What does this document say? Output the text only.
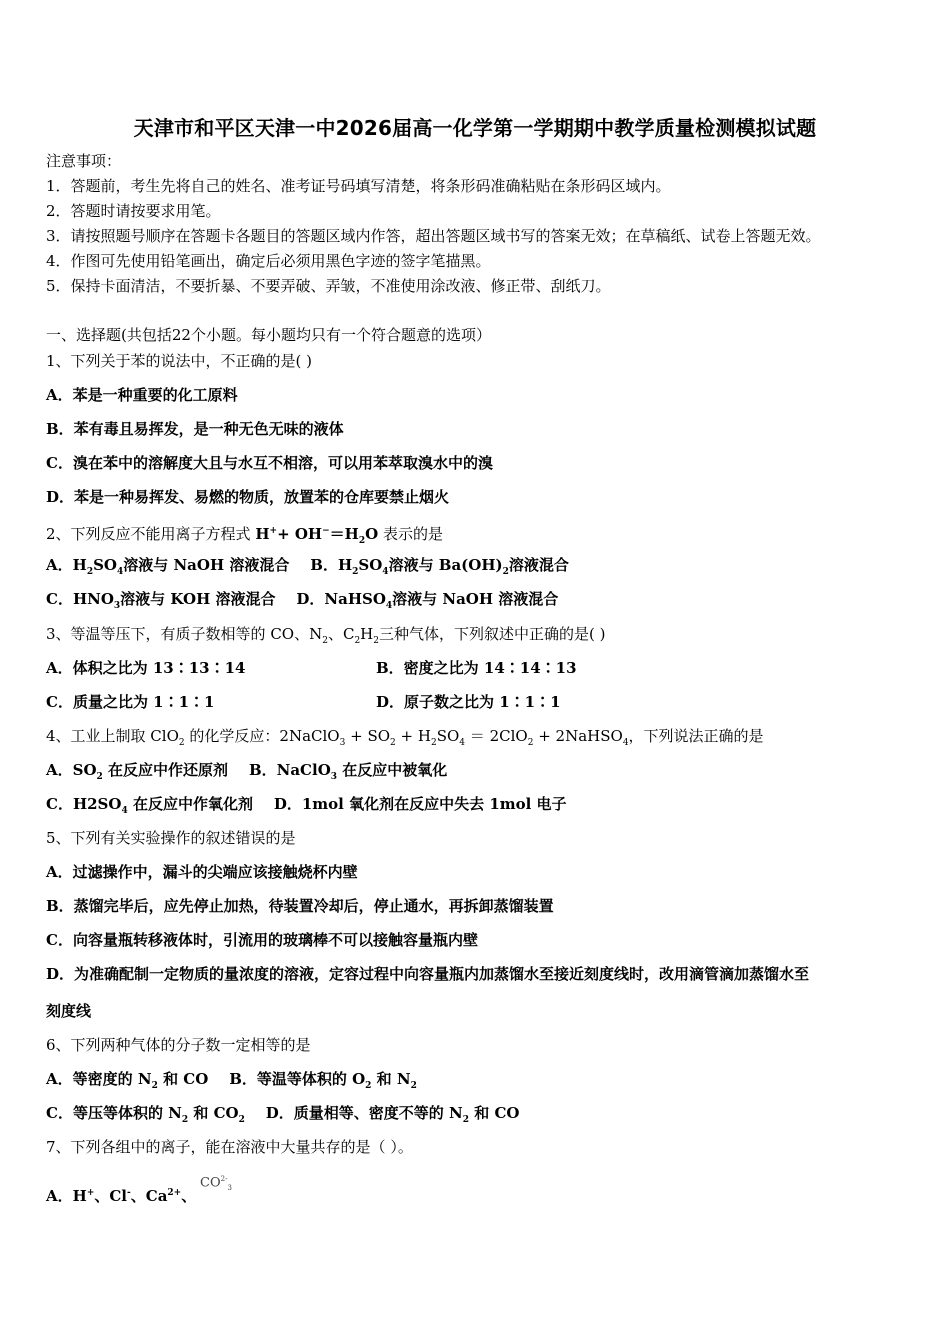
天津市和平区天津一中2026届高一化学第一学期期中教学质量检测模拟试题
注意事项：
1．答题前，考生先将自己的姓名、准考证号码填写清楚，将条形码准确粘贴在条形码区域内。
2．答题时请按要求用笔。
3．请按照题号顺序在答题卡各题目的答题区域内作答，超出答题区域书写的答案无效；在草稿纸、试卷上答题无效。
4．作图可先使用铅笔画出，确定后必须用黑色字迹的签字笔描黑。
5．保持卡面清洁，不要折暴、不要弄破、弄皱，不准使用涂改液、修正带、刮纸刀。
一、选择题(共包括22个小题。每小题均只有一个符合题意的选项）
1、下列关于苯的说法中，不正确的是( )
A．苯是一种重要的化工原料
B．苯有毒且易挥发，是一种无色无味的液体
C．溴在苯中的溶解度大且与水互不相溶，可以用苯萃取溴水中的溴
D．苯是一种易挥发、易燃的物质，放置苯的仓库要禁止烟火
2、下列反应不能用离子方程式 $H^++ OH^-=H_2O$ 表示的是
A．$H_2SO_4$溶液与 NaOH 溶液混合 B．$H_2SO_4$溶液与 $Ba(OH)_2$溶液混合
C．$HNO_3$溶液与 KOH 溶液混合 D．NaHSO$_4$溶液与 NaOH 溶液混合
3、等温等压下，有质子数相等的 CO、$N_2$、$C_2H_2$三种气体，下列叙述中正确的是( )
A．体积之比为 13∶13∶14	B．密度之比为 14∶14∶13
C．质量之比为 1∶1∶1	D．原子数之比为 1∶1∶1
4、工业上制取 ClO$_2$ 的化学反应：2NaClO$_3$ + $SO_2 + H_2SO_4 = 2ClO_2$ + 2NaHSO$_4$，下列说法正确的是
A．$SO_2$ 在反应中作还原剂 B．NaClO$_3$ 在反应中被氧化
C．$H2SO_4$ 在反应中作氧化剂 D．1mol 氧化剂在反应中失去 1mol 电子
5、下列有关实验操作的叙述错误的是
A．过滤操作中，漏斗的尖端应该接触烧杯内壁
B．蒸馏完毕后，应先停止加热，待装置冷却后，停止通水，再拆卸蒸馏装置
C．向容量瓶转移液体时，引流用的玻璃棒不可以接触容量瓶内壁
D．为准确配制一定物质的量浓度的溶液，定容过程中向容量瓶内加蒸馏水至接近刻度线时，改用滴管滴加蒸馏水至
刻度线
6、下列两种气体的分子数一定相等的是
A．等密度的 $N_2$ 和 CO B．等温等体积的 $O_2$ 和 $N_2$
C．等压等体积的 $N_2$ 和 $CO_2$ D．质量相等、密度不等的 $N_2$ 和 CO
7、下列各组中的离子，能在溶液中大量共存的是（ ）。
A．H+、Cl-、$Ca^{2+}$、
$CO^{2-}_3$
